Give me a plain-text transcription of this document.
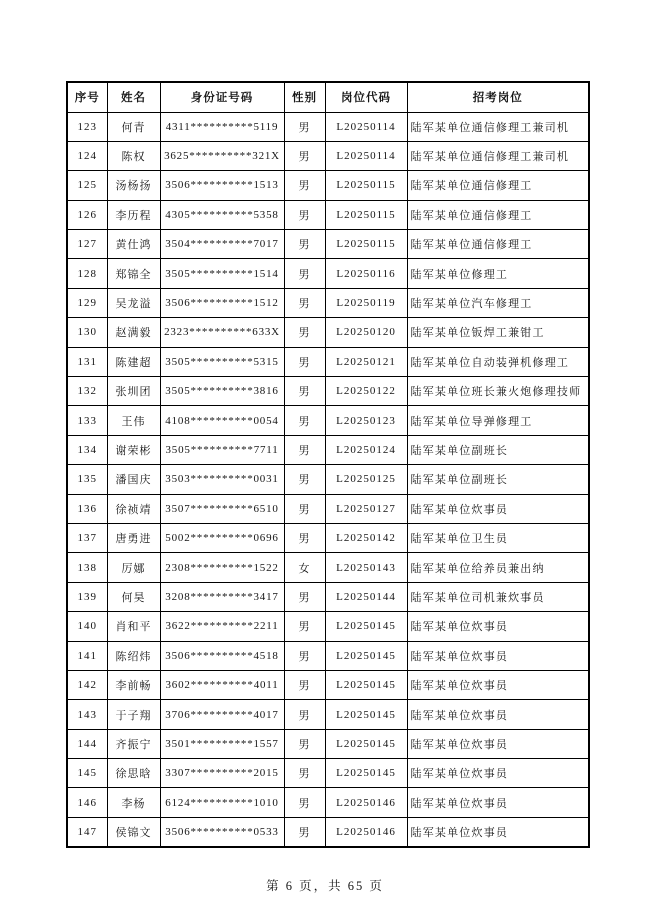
序号	姓名	身份证号码	性别	岗位代码	招考岗位
123	何青	4311**********5119	男	L20250114	陆军某单位通信修理工兼司机
124	陈权	3625**********321X	男	L20250114	陆军某单位通信修理工兼司机
125	汤杨扬	3506**********1513	男	L20250115	陆军某单位通信修理工
126	李历程	4305**********5358	男	L20250115	陆军某单位通信修理工
127	黄仕鸿	3504**********7017	男	L20250115	陆军某单位通信修理工
128	郑锦全	3505**********1514	男	L20250116	陆军某单位修理工
129	吴龙溢	3506**********1512	男	L20250119	陆军某单位汽车修理工
130	赵满毅	2323**********633X	男	L20250120	陆军某单位钣焊工兼钳工
131	陈建超	3505**********5315	男	L20250121	陆军某单位自动装弹机修理工
132	张圳团	3505**********3816	男	L20250122	陆军某单位班长兼火炮修理技师
133	王伟	4108**********0054	男	L20250123	陆军某单位导弹修理工
134	谢荣彬	3505**********7711	男	L20250124	陆军某单位副班长
135	潘国庆	3503**********0031	男	L20250125	陆军某单位副班长
136	徐祯靖	3507**********6510	男	L20250127	陆军某单位炊事员
137	唐勇进	5002**********0696	男	L20250142	陆军某单位卫生员
138	厉娜	2308**********1522	女	L20250143	陆军某单位给养员兼出纳
139	何昊	3208**********3417	男	L20250144	陆军某单位司机兼炊事员
140	肖和平	3622**********2211	男	L20250145	陆军某单位炊事员
141	陈绍炜	3506**********4518	男	L20250145	陆军某单位炊事员
142	李前畅	3602**********4011	男	L20250145	陆军某单位炊事员
143	于子翔	3706**********4017	男	L20250145	陆军某单位炊事员
144	齐振宁	3501**********1557	男	L20250145	陆军某单位炊事员
145	徐思晗	3307**********2015	男	L20250145	陆军某单位炊事员
146	李杨	6124**********1010	男	L20250146	陆军某单位炊事员
147	侯锦文	3506**********0533	男	L20250146	陆军某单位炊事员
第 6 页，共 65 页
